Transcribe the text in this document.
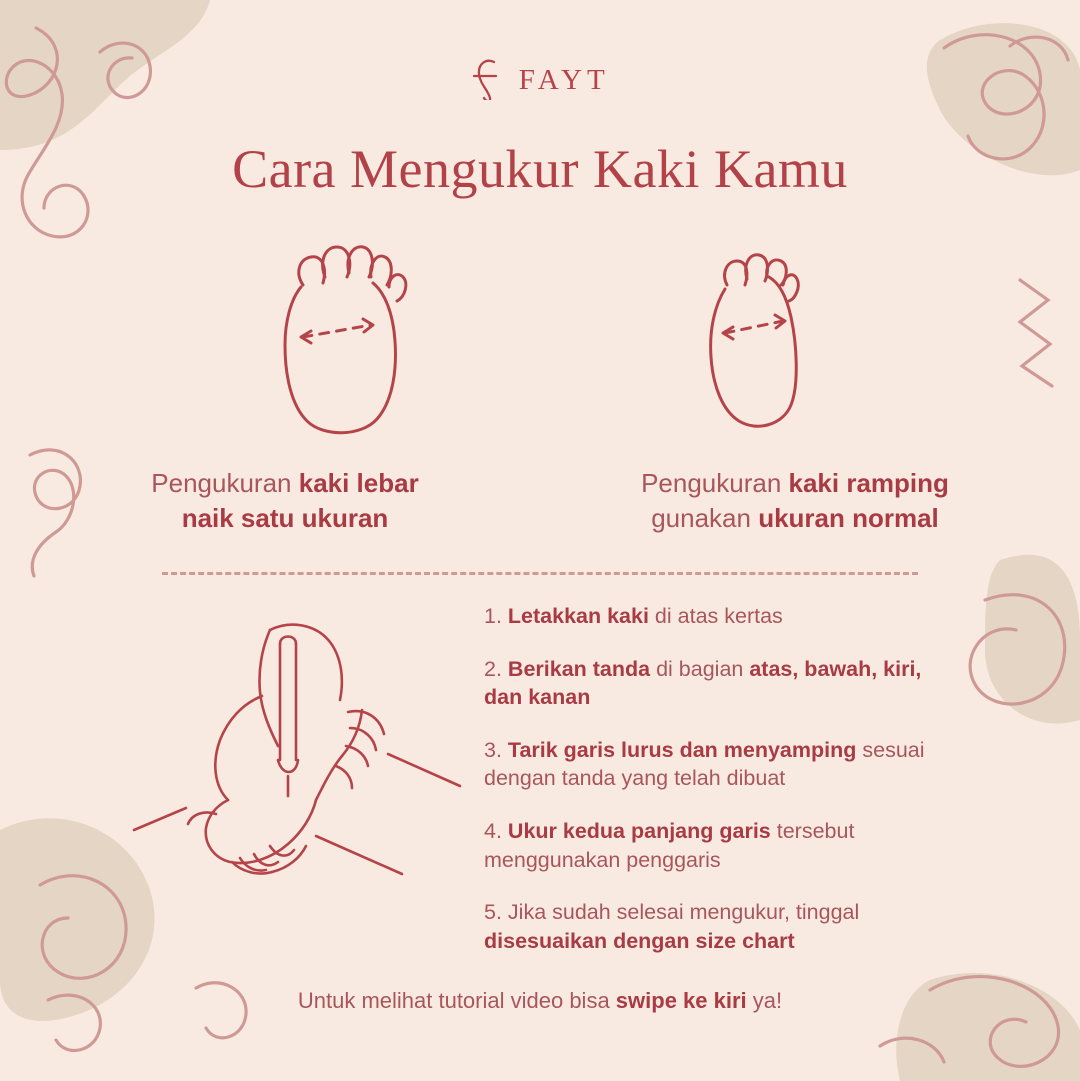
FAYT
Cara Mengukur Kaki Kamu
Pengukuran kaki lebar
naik satu ukuran
Pengukuran kaki ramping
gunakan ukuran normal
1. Letakkan kaki di atas kertas
2. Berikan tanda di bagian atas, bawah, kiri, dan kanan
3. Tarik garis lurus dan menyamping sesuai dengan tanda yang telah dibuat
4. Ukur kedua panjang garis tersebut menggunakan penggaris
5. Jika sudah selesai mengukur, tinggal disesuaikan dengan size chart
Untuk melihat tutorial video bisa swipe ke kiri ya!
